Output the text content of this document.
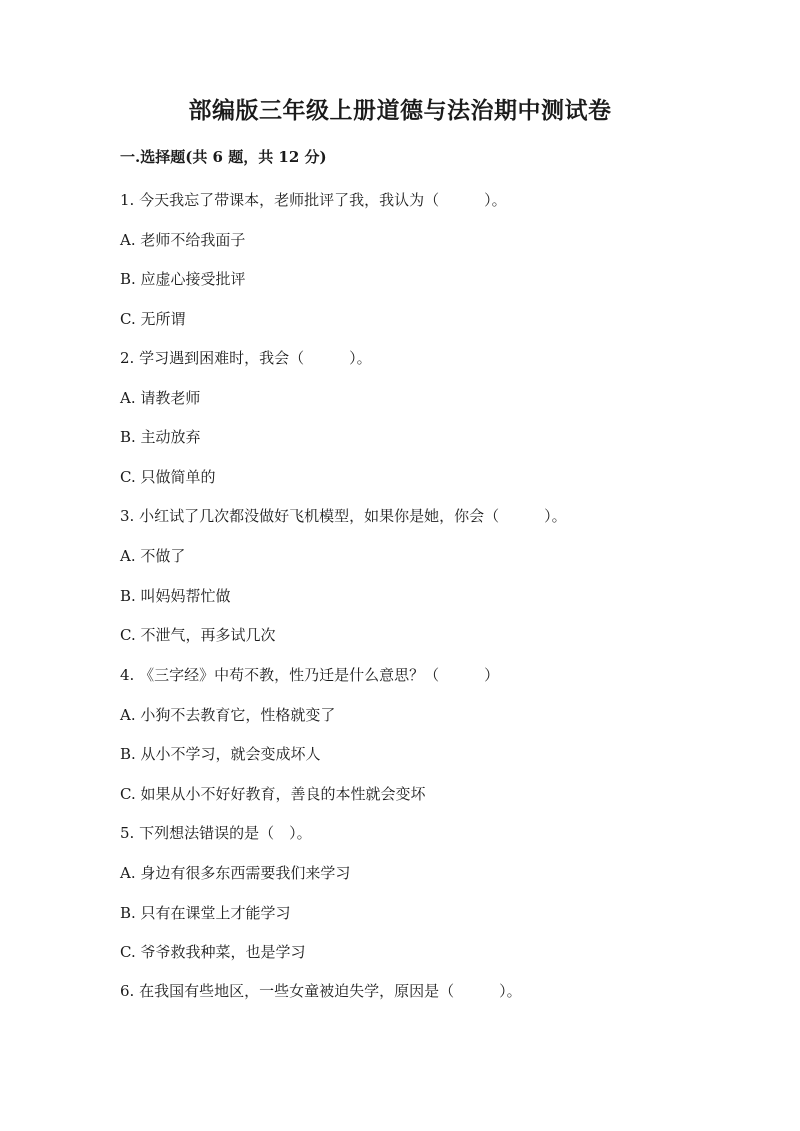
部编版三年级上册道德与法治期中测试卷
一.选择题(共 6 题，共 12 分)
1. 今天我忘了带课本，老师批评了我，我认为（　　　）。
A. 老师不给我面子
B. 应虚心接受批评
C. 无所谓
2. 学习遇到困难时，我会（　　　）。
A. 请教老师
B. 主动放弃
C. 只做简单的
3. 小红试了几次都没做好飞机模型，如果你是她，你会（　　　）。
A. 不做了
B. 叫妈妈帮忙做
C. 不泄气，再多试几次
4. 《三字经》中苟不教，性乃迁是什么意思？（　　　）
A. 小狗不去教育它，性格就变了
B. 从小不学习，就会变成坏人
C. 如果从小不好好教育，善良的本性就会变坏
5. 下列想法错误的是（　）。
A. 身边有很多东西需要我们来学习
B. 只有在课堂上才能学习
C. 爷爷救我种菜，也是学习
6. 在我国有些地区，一些女童被迫失学，原因是（　　　）。
